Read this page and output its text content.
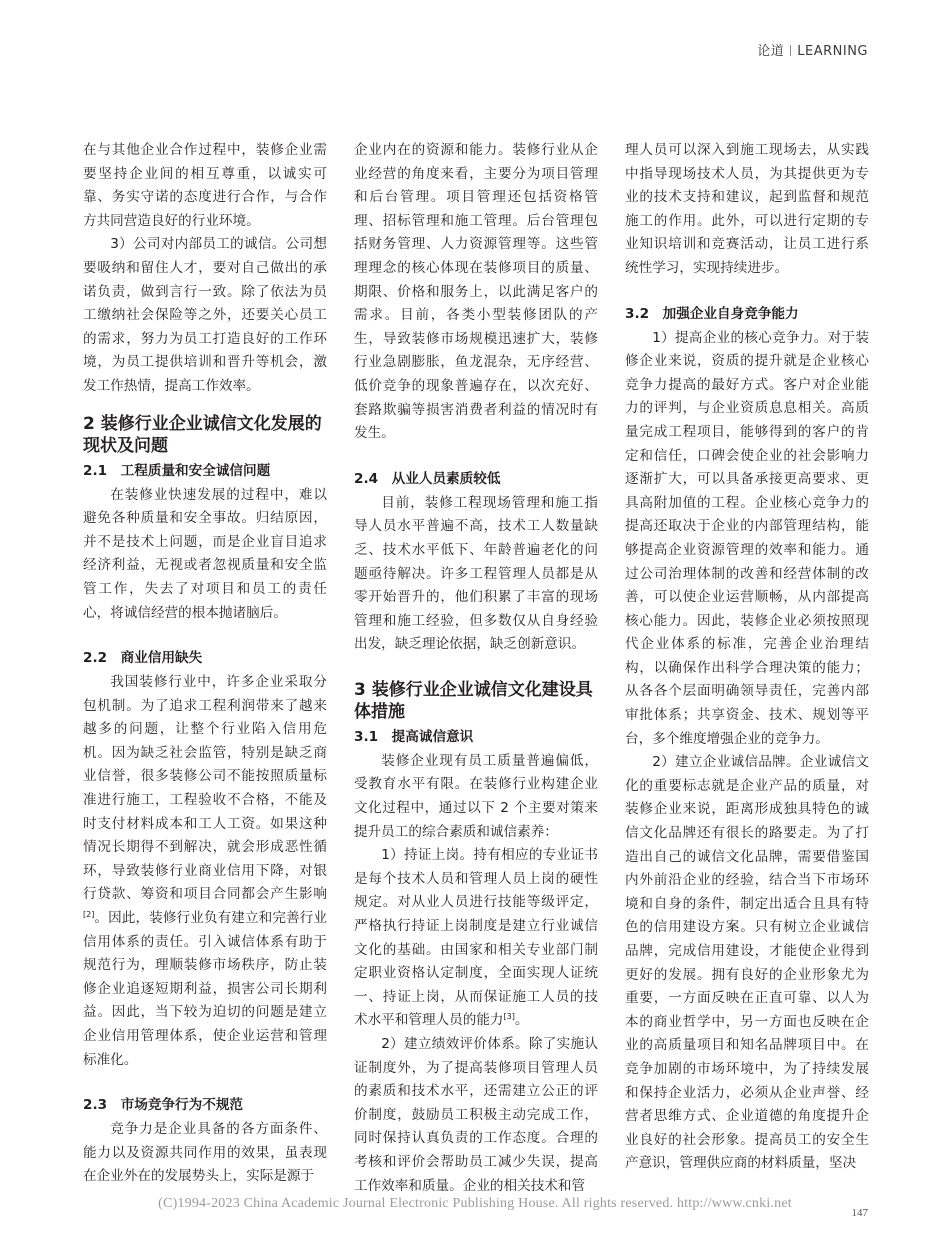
论道 LEARNING

在与其他企业合作过程中，装修企业需要坚持企业间的相互尊重，以诚实可靠、务实守诺的态度进行合作，与合作方共同营造良好的行业环境。

3）公司对内部员工的诚信。公司想要吸纳和留住人才，要对自己做出的承诺负责，做到言行一致。除了依法为员工缴纳社会保险等之外，还要关心员工的需求，努力为员工打造良好的工作环境，为员工提供培训和晋升等机会，激发工作热情，提高工作效率。

2 装修行业企业诚信文化发展的现状及问题
2.1　工程质量和安全诚信问题

在装修业快速发展的过程中，难以避免各种质量和安全事故。归结原因，并不是技术上问题，而是企业盲目追求经济利益，无视或者忽视质量和安全监管工作，失去了对项目和员工的责任心，将诚信经营的根本抛诸脑后。

2.2　商业信用缺失

我国装修行业中，许多企业采取分包机制。为了追求工程利润带来了越来越多的问题，让整个行业陷入信用危机。因为缺乏社会监管，特别是缺乏商业信誉，很多装修公司不能按照质量标准进行施工，工程验收不合格，不能及时支付材料成本和工人工资。如果这种情况长期得不到解决，就会形成恶性循环，导致装修行业商业信用下降，对银行贷款、筹资和项目合同都会产生影响[2]。因此，装修行业负有建立和完善行业信用体系的责任。引入诚信体系有助于规范行为，理顺装修市场秩序，防止装修企业追逐短期利益，损害公司长期利益。因此，当下较为迫切的问题是建立企业信用管理体系，使企业运营和管理标准化。

2.3　市场竞争行为不规范

竞争力是企业具备的各方面条件、能力以及资源共同作用的效果，虽表现在企业外在的发展势头上，实际是源于

企业内在的资源和能力。装修行业从企业经营的角度来看，主要分为项目管理和后台管理。项目管理还包括资格管理、招标管理和施工管理。后台管理包括财务管理、人力资源管理等。这些管理理念的核心体现在装修项目的质量、期限、价格和服务上，以此满足客户的需求。目前，各类小型装修团队的产生，导致装修市场规模迅速扩大，装修行业急剧膨胀，鱼龙混杂，无序经营、低价竞争的现象普遍存在，以次充好、套路欺骗等损害消费者利益的情况时有发生。

2.4　从业人员素质较低

目前，装修工程现场管理和施工指导人员水平普遍不高，技术工人数量缺乏、技术水平低下、年龄普遍老化的问题亟待解决。许多工程管理人员都是从零开始晋升的，他们积累了丰富的现场管理和施工经验，但多数仅从自身经验出发，缺乏理论依据，缺乏创新意识。

3 装修行业企业诚信文化建设具体措施
3.1　提高诚信意识

装修企业现有员工质量普遍偏低，受教育水平有限。在装修行业构建企业文化过程中，通过以下 2 个主要对策来提升员工的综合素质和诚信素养：

1）持证上岗。持有相应的专业证书是每个技术人员和管理人员上岗的硬性规定。对从业人员进行技能等级评定，严格执行持证上岗制度是建立行业诚信文化的基础。由国家和相关专业部门制定职业资格认定制度，全面实现人证统一、持证上岗，从而保证施工人员的技术水平和管理人员的能力[3]。

2）建立绩效评价体系。除了实施认证制度外，为了提高装修项目管理人员的素质和技术水平，还需建立公正的评价制度，鼓励员工积极主动完成工作，同时保持认真负责的工作态度。合理的考核和评价会帮助员工减少失误，提高工作效率和质量。企业的相关技术和管

理人员可以深入到施工现场去，从实践中指导现场技术人员，为其提供更为专业的技术支持和建议，起到监督和规范施工的作用。此外，可以进行定期的专业知识培训和竞赛活动，让员工进行系统性学习，实现持续进步。

3.2　加强企业自身竞争能力

1）提高企业的核心竞争力。对于装修企业来说，资质的提升就是企业核心竞争力提高的最好方式。客户对企业能力的评判，与企业资质息息相关。高质量完成工程项目，能够得到的客户的肯定和信任，口碑会使企业的社会影响力逐渐扩大，可以具备承接更高要求、更具高附加值的工程。企业核心竞争力的提高还取决于企业的内部管理结构，能够提高企业资源管理的效率和能力。通过公司治理体制的改善和经营体制的改善，可以使企业运营顺畅，从内部提高核心能力。因此，装修企业必须按照现代企业体系的标准，完善企业治理结构，以确保作出科学合理决策的能力；从各各个层面明确领导责任，完善内部审批体系；共享资金、技术、规划等平台，多个维度增强企业的竞争力。

2）建立企业诚信品牌。企业诚信文化的重要标志就是企业产品的质量，对装修企业来说，距离形成独具特色的诚信文化品牌还有很长的路要走。为了打造出自己的诚信文化品牌，需要借鉴国内外前沿企业的经验，结合当下市场环境和自身的条件，制定出适合且具有特色的信用建设方案。只有树立企业诚信品牌，完成信用建设，才能使企业得到更好的发展。拥有良好的企业形象尤为重要，一方面反映在正直可靠、以人为本的商业哲学中，另一方面也反映在企业的高质量项目和知名品牌项目中。在竞争加剧的市场环境中，为了持续发展和保持企业活力，必须从企业声誉、经营者思维方式、企业道德的角度提升企业良好的社会形象。提高员工的安全生产意识，管理供应商的材料质量，坚决

(C)1994-2023 China Academic Journal Electronic Publishing House. All rights reserved. http://www.cnki.net
147
